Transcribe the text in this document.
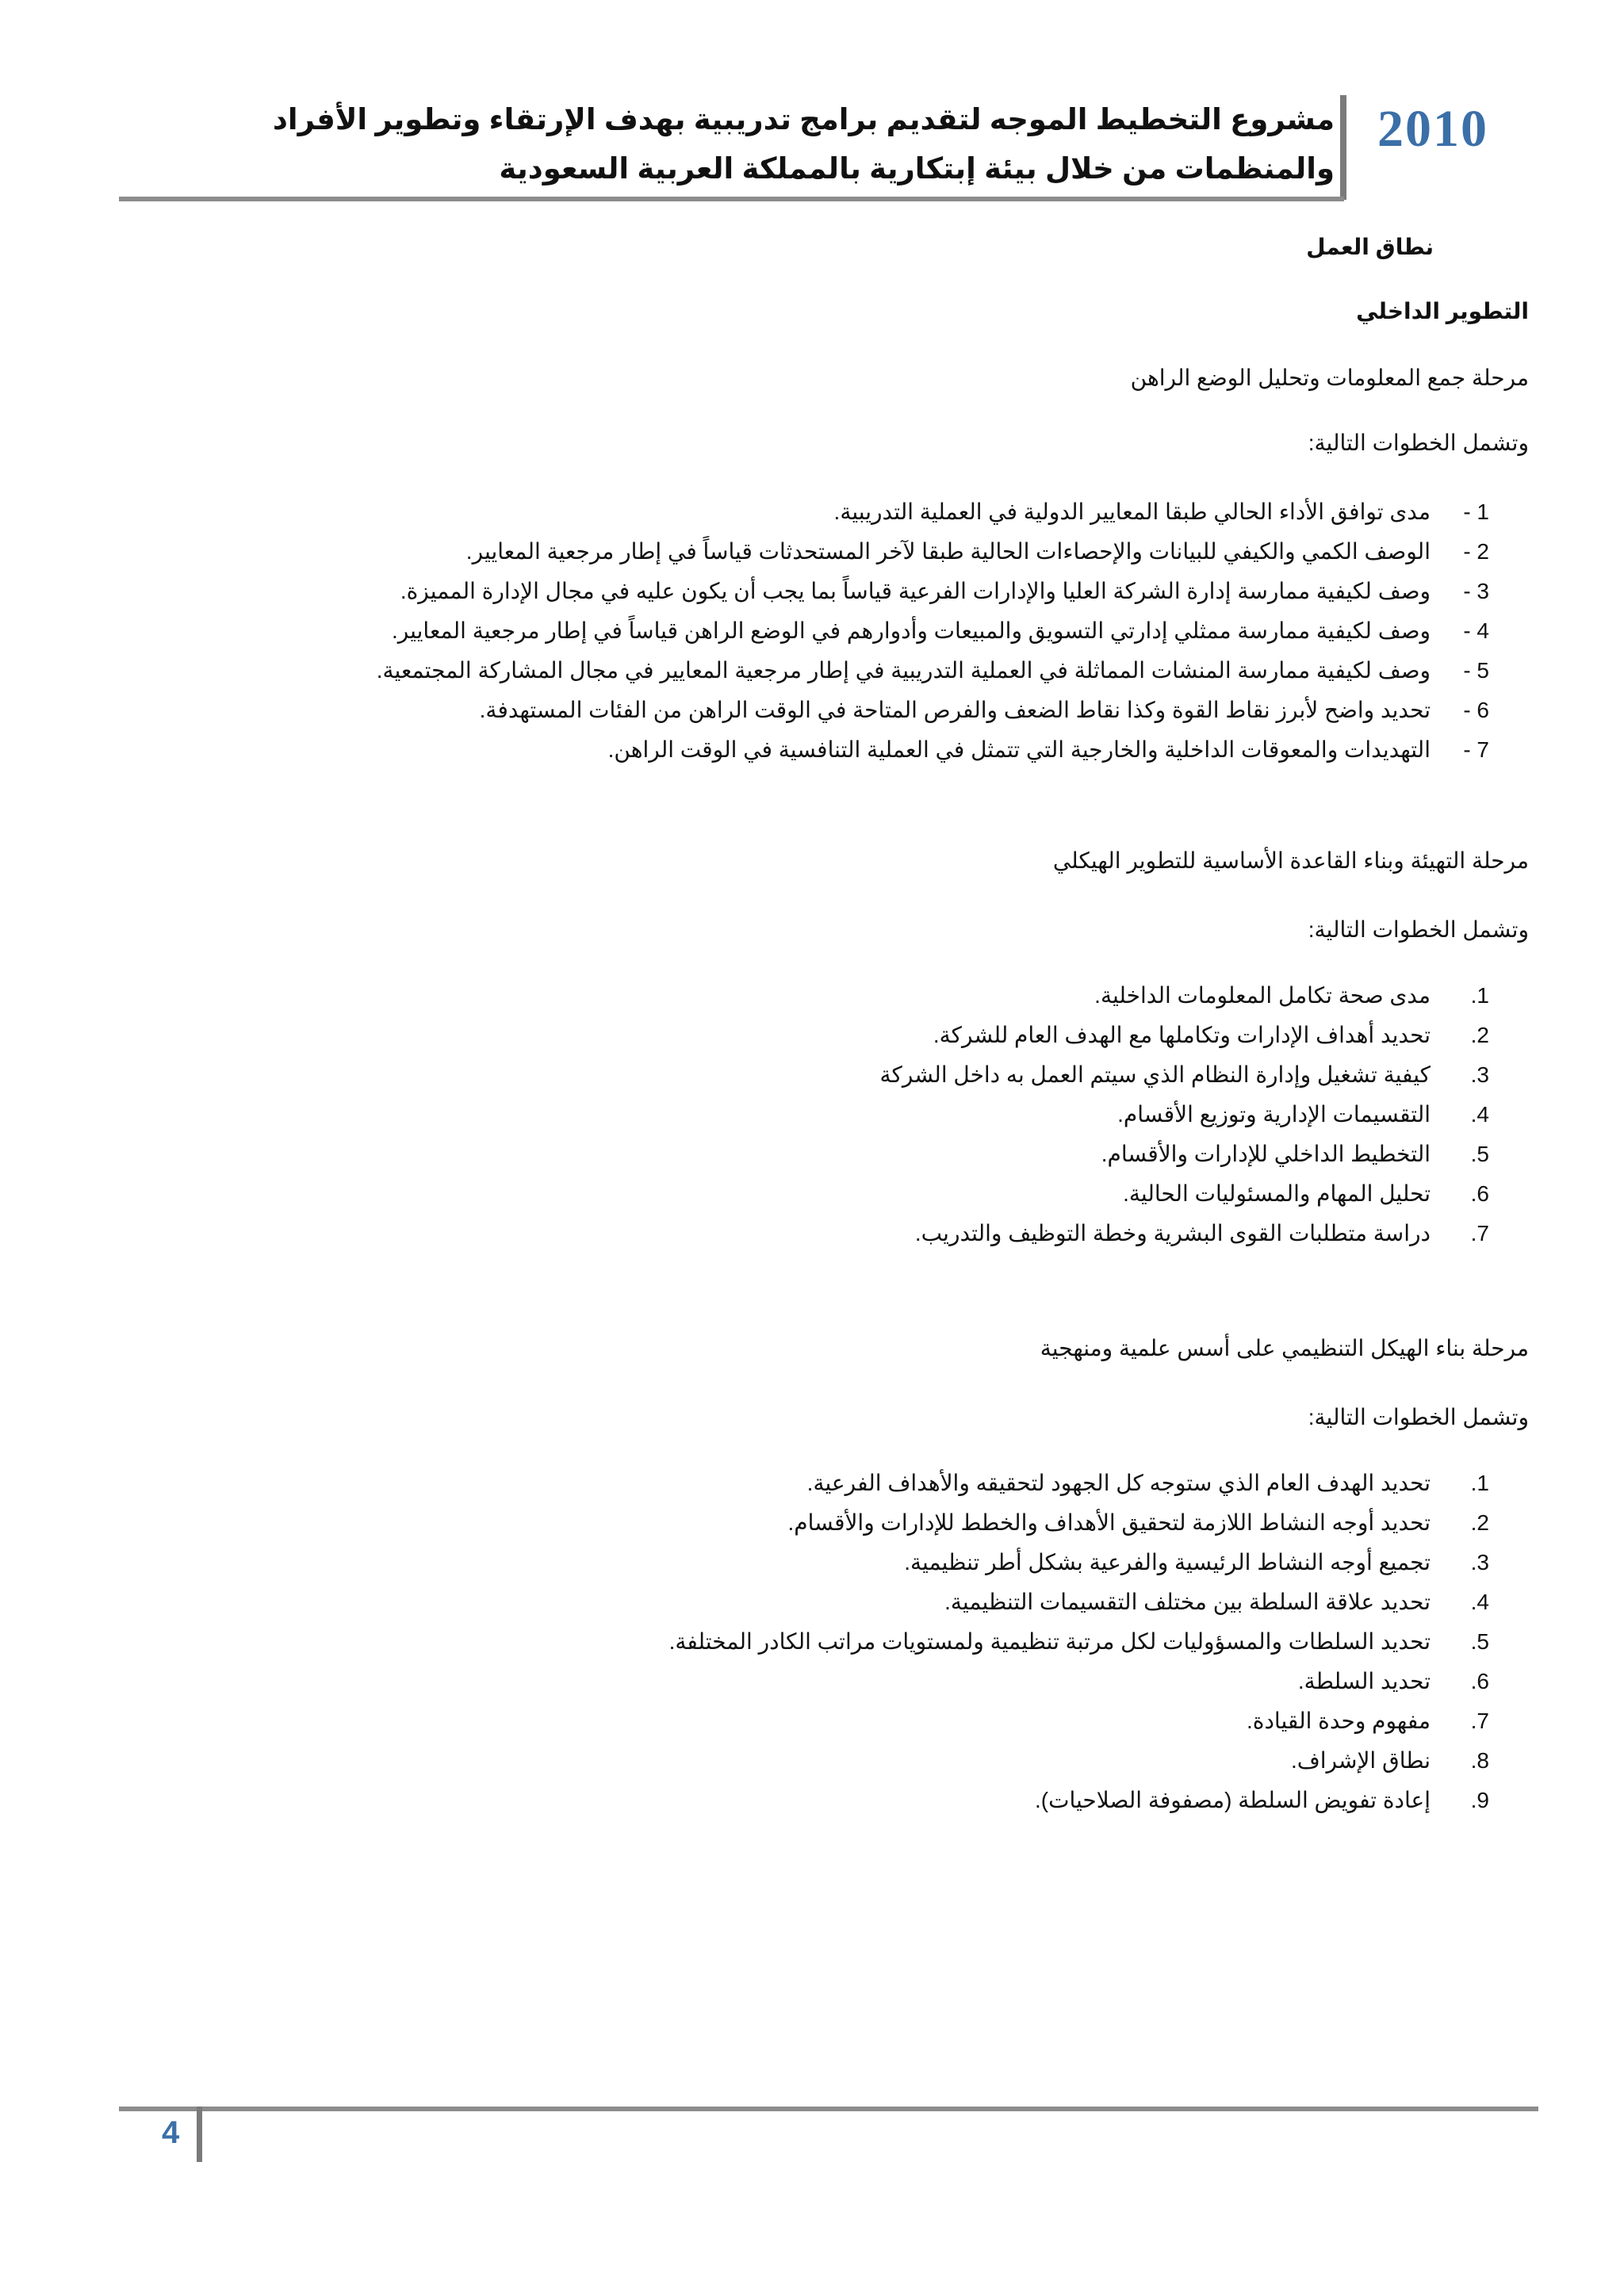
مشروع التخطيط الموجه لتقديم برامج تدريبية بهدف الإرتقاء وتطوير الأفراد والمنظمات من خلال بيئة إبتكارية بالمملكة العربية السعودية
2010

نطاق العمل

التطوير الداخلي

مرحلة جمع المعلومات وتحليل الوضع الراهن

وتشمل الخطوات التالية:

1 -مدى توافق الأداء الحالي طبقا المعايير الدولية في العملية التدريبية.
2 -الوصف الكمي والكيفي للبيانات والإحصاءات الحالية طبقا لآخر المستحدثات قياساً في إطار مرجعية المعايير.
3 -وصف لكيفية ممارسة إدارة الشركة العليا والإدارات الفرعية قياساً بما يجب أن يكون عليه في مجال الإدارة المميزة.
4 -وصف لكيفية ممارسة ممثلي إدارتي التسويق والمبيعات وأدوارهم في الوضع الراهن قياساً في إطار مرجعية المعايير.
5 -وصف لكيفية ممارسة المنشات المماثلة في العملية التدريبية في إطار مرجعية المعايير في مجال المشاركة المجتمعية.
6 -تحديد واضح لأبرز نقاط القوة وكذا نقاط الضعف والفرص المتاحة في الوقت الراهن من الفئات المستهدفة.
7 -التهديدات والمعوقات الداخلية والخارجية التي تتمثل في العملية التنافسية في الوقت الراهن.

مرحلة التهيئة وبناء القاعدة الأساسية للتطوير الهيكلي

وتشمل الخطوات التالية:

1.مدى صحة تكامل المعلومات الداخلية.
2.تحديد أهداف الإدارات وتكاملها مع الهدف العام للشركة.
3.كيفية تشغيل وإدارة النظام الذي سيتم العمل به داخل الشركة
4.التقسيمات الإدارية وتوزيع الأقسام.
5.التخطيط الداخلي للإدارات والأقسام.
6.تحليل المهام والمسئوليات الحالية.
7.دراسة متطلبات القوى البشرية وخطة التوظيف والتدريب.

مرحلة بناء الهيكل التنظيمي على أسس علمية ومنهجية

وتشمل الخطوات التالية:

1.تحديد الهدف العام الذي ستوجه كل الجهود لتحقيقه والأهداف الفرعية.
2.تحديد أوجه النشاط اللازمة لتحقيق الأهداف والخطط للإدارات والأقسام.
3.تجميع أوجه النشاط الرئيسية والفرعية بشكل أطر تنظيمية.
4.تحديد علاقة السلطة بين مختلف التقسيمات التنظيمية.
5.تحديد السلطات والمسؤوليات لكل مرتبة تنظيمية ولمستويات مراتب الكادر المختلفة.
6.تحديد السلطة.
7.مفهوم وحدة القيادة.
8.نطاق الإشراف.
9.إعادة تفويض السلطة (مصفوفة الصلاحيات).
4
